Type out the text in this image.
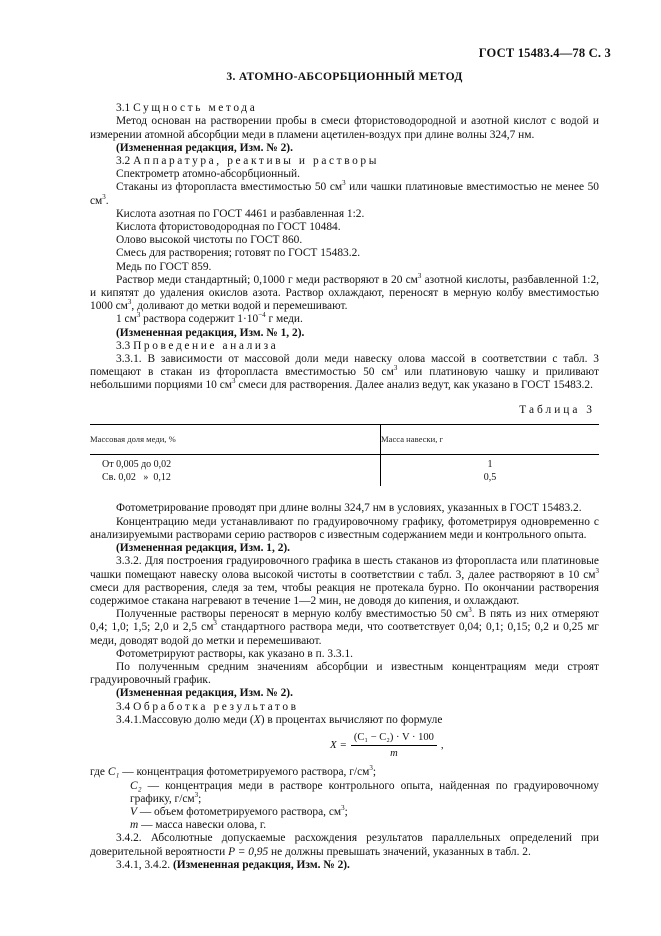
ГОСТ 15483.4—78 С. 3
3. АТОМНО-АБСОРБЦИОННЫЙ МЕТОД

3.1 Сущность метода

Метод основан на растворении пробы в смеси фтористоводородной и азотной кислот с водой и измерении атомной абсорбции меди в пламени ацетилен-воздух при длине волны 324,7 нм.

(Измененная редакция, Изм. № 2).

3.2 Аппаратура, реактивы и растворы

Спектрометр атомно-абсорбционный.

Стаканы из фторопласта вместимостью 50 $см^3$ или чашки платиновые вместимостью не менее 50 $см^3$.

Кислота азотная по ГОСТ 4461 и разбавленная 1:2.

Кислота фтористоводородная по ГОСТ 10484.

Олово высокой чистоты по ГОСТ 860.

Смесь для растворения; готовят по ГОСТ 15483.2.

Медь по ГОСТ 859.

Раствор меди стандартный; 0,1000 г меди растворяют в 20 $см^3$ азотной кислоты, разбавленной 1:2, и кипятят до удаления окислов азота. Раствор охлаждают, переносят в мерную колбу вместимостью 1000 $см^3$, доливают до метки водой и перемешивают.

1 $см^3$ раствора содержит $1\cdot 10^{-4}$ г меди.

(Измененная редакция, Изм. № 1, 2).

3.3 Проведение анализа

3.3.1. В зависимости от массовой доли меди навеску олова массой в соответствии с табл. 3 помещают в стакан из фторопласта вместимостью 50 $см^3$ или платиновую чашку и приливают небольшими порциями 10 $см^3$ смеси для растворения. Далее анализ ведут, как указано в ГОСТ 15483.2.

Таблица 3
Массовая доля меди, %	Масса навески, г
От 0,005 до 0,02	1
Св. 0,02   »  0,12	0,5

Фотометрирование проводят при длине волны 324,7 нм в условиях, указанных в ГОСТ 15483.2.

Концентрацию меди устанавливают по градуировочному графику, фотометрируя одновременно с анализируемыми растворами серию растворов с известным содержанием меди и контрольного опыта.

(Измененная редакция, Изм. 1, 2).

3.3.2. Для построения градуировочного графика в шесть стаканов из фторопласта или платиновые чашки помещают навеску олова высокой чистоты в соответствии с табл. 3, далее растворяют в 10 $см^3$ смеси для растворения, следя за тем, чтобы реакция не протекала бурно. По окончании растворения содержимое стакана нагревают в течение 1—2 мин, не доводя до кипения, и охлаждают.

Полученные растворы переносят в мерную колбу вместимостью 50 $см^3$. В пять из них отмеряют 0,4; 1,0; 1,5; 2,0 и 2,5 $см^3$ стандартного раствора меди, что соответствует 0,04; 0,1; 0,15; 0,2 и 0,25 мг меди, доводят водой до метки и перемешивают.

Фотометрируют растворы, как указано в п. 3.3.1.

По полученным средним значениям абсорбции и известным концентрациям меди строят градуировочный график.

(Измененная редакция, Изм. № 2).

3.4 Обработка результатов

3.4.1.Массовую долю меди (X) в процентах вычисляют по формуле

$X = \frac{\text{(C₁ − C₂) · V · 100}}{m}$ ,

где C₁ — концентрация фотометрируемого раствора, $г/см^3$;

C₂ — концентрация меди в растворе контрольного опыта, найденная по градуировочному графику, $г/см^3$;

V — объем фотометрируемого раствора, $см^3$;

m — масса навески олова, г.

3.4.2. Абсолютные допускаемые расхождения результатов параллельных определений при доверительной вероятности P = 0,95 не должны превышать значений, указанных в табл. 2.

3.4.1, 3.4.2. (Измененная редакция, Изм. № 2).
